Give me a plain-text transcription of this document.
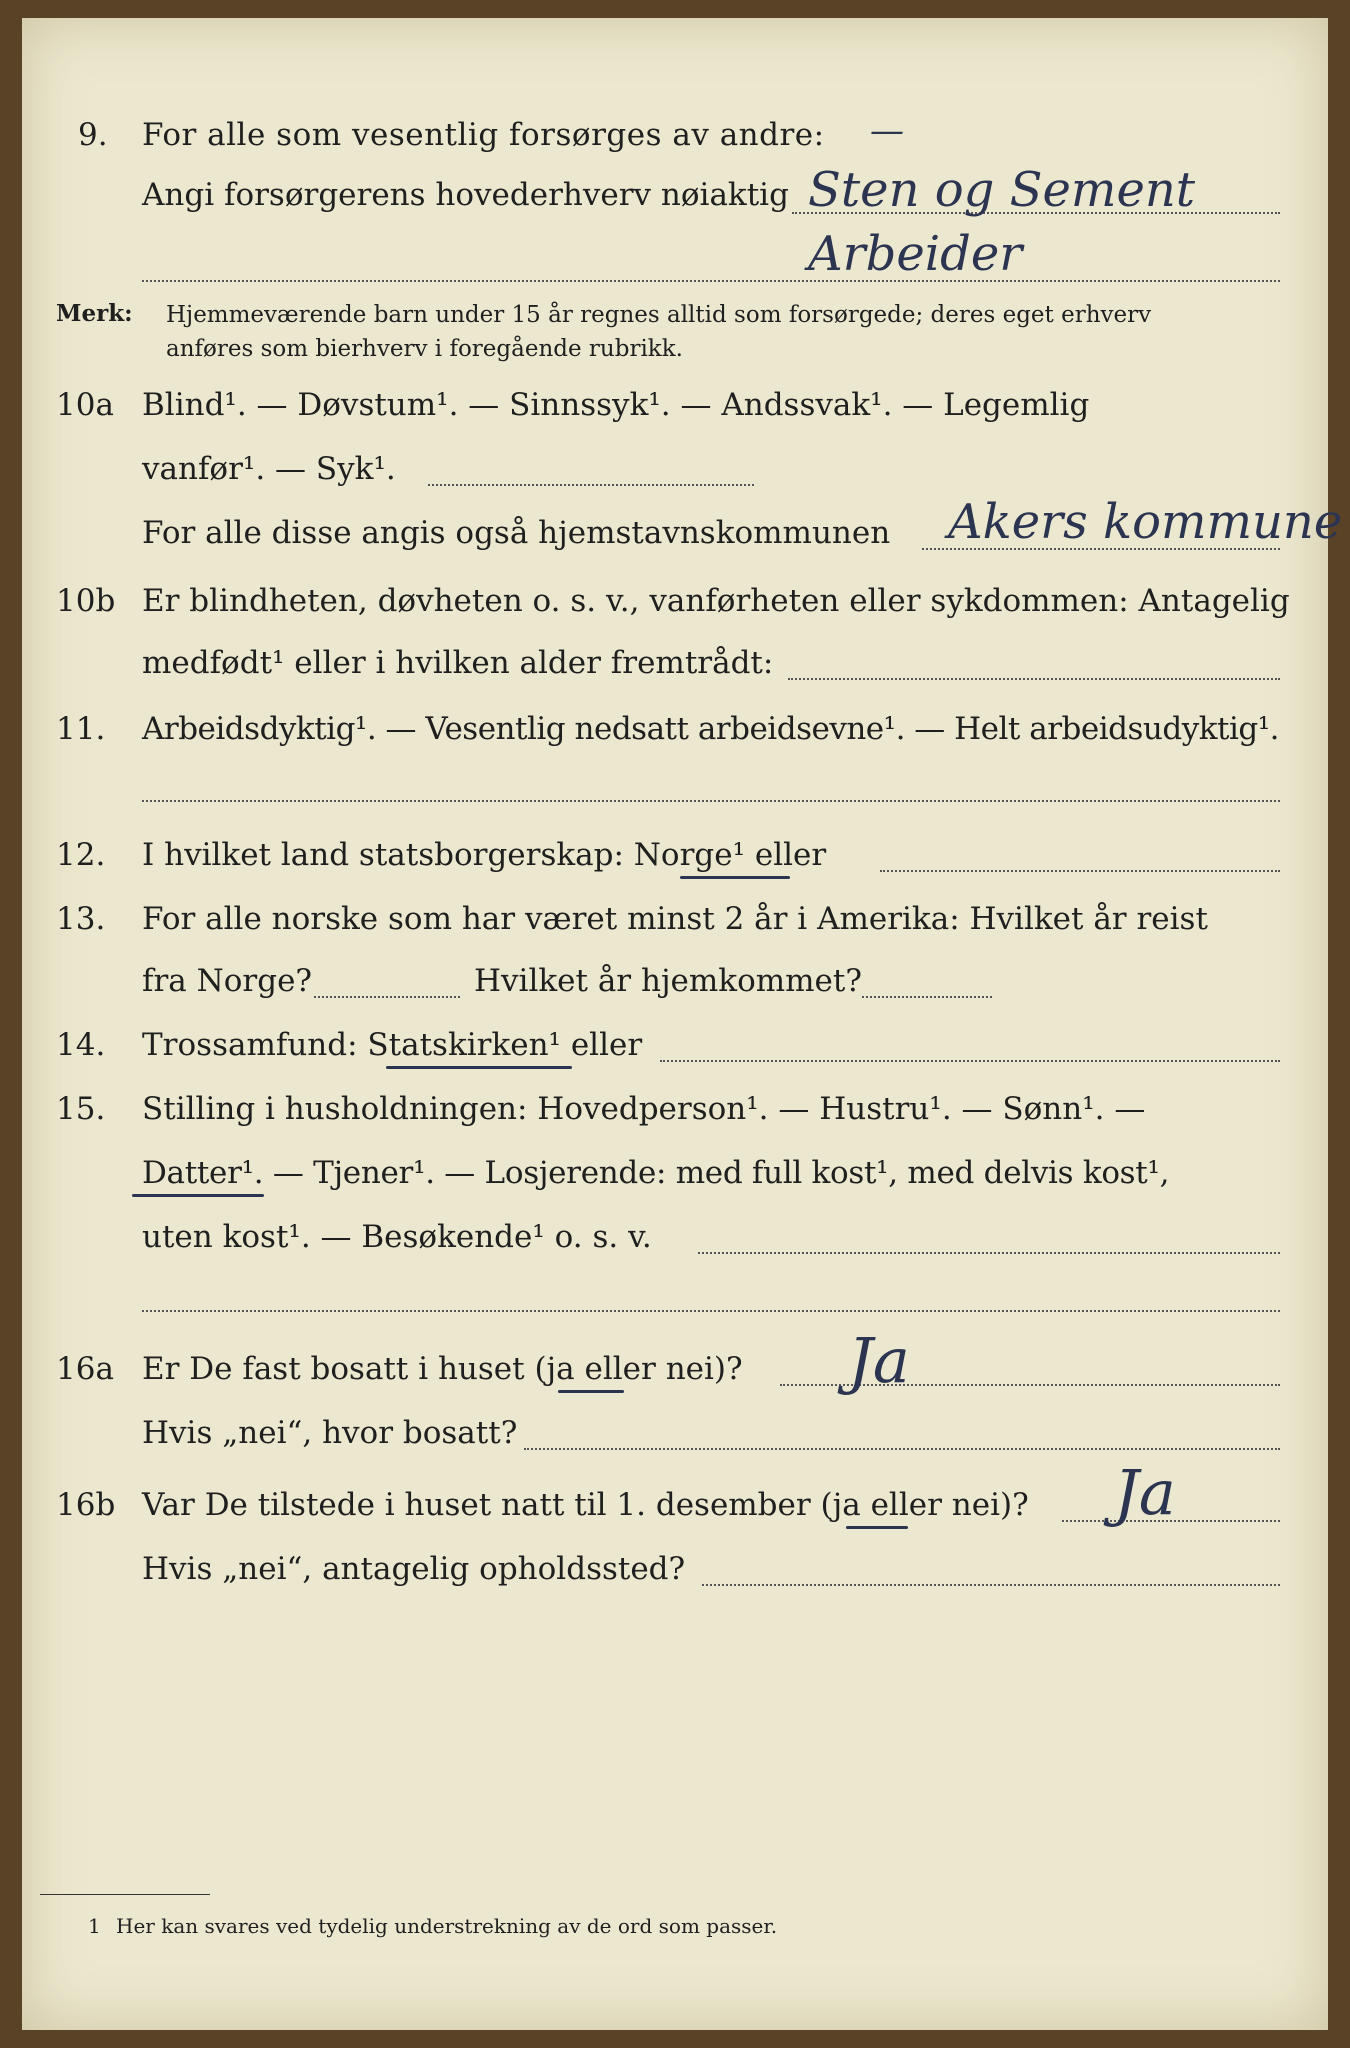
9. For alle som vesentlig forsørges av andre: —
Angi forsørgerens hovederhverv nøiaktig Sten og Sement
Arbeider
Merk: Hjemmeværende barn under 15 år regnes alltid som forsørgede; deres eget erhverv
anføres som bierhverv i foregående rubrikk.
10a Blind¹. — Døvstum¹. — Sinnssyk¹. — Andssvak¹. — Legemlig
vanfør¹. — Syk¹.
For alle disse angis også hjemstavnskommunen Akers kommune
10b Er blindheten, døvheten o. s. v., vanførheten eller sykdommen: Antagelig
medfødt¹ eller i hvilken alder fremtrådt:
11. Arbeidsdyktig¹. — Vesentlig nedsatt arbeidsevne¹. — Helt arbeidsudyktig¹.
12. I hvilket land statsborgerskap: Norge¹ eller
13. For alle norske som har været minst 2 år i Amerika: Hvilket år reist
fra Norge?	Hvilket år hjemkommet?
14. Trossamfund: Statskirken¹ eller
15. Stilling i husholdningen: Hovedperson¹. — Hustru¹. — Sønn¹. —
Datter¹. — Tjener¹. — Losjerende: med full kost¹, med delvis kost¹,
uten kost¹. — Besøkende¹ o. s. v.
16a Er De fast bosatt i huset (ja eller nei)? Ja
Hvis „nei“, hvor bosatt?
16b Var De tilstede i huset natt til 1. desember (ja eller nei)? Ja
Hvis „nei“, antagelig opholdssted?
1 Her kan svares ved tydelig understrekning av de ord som passer.
